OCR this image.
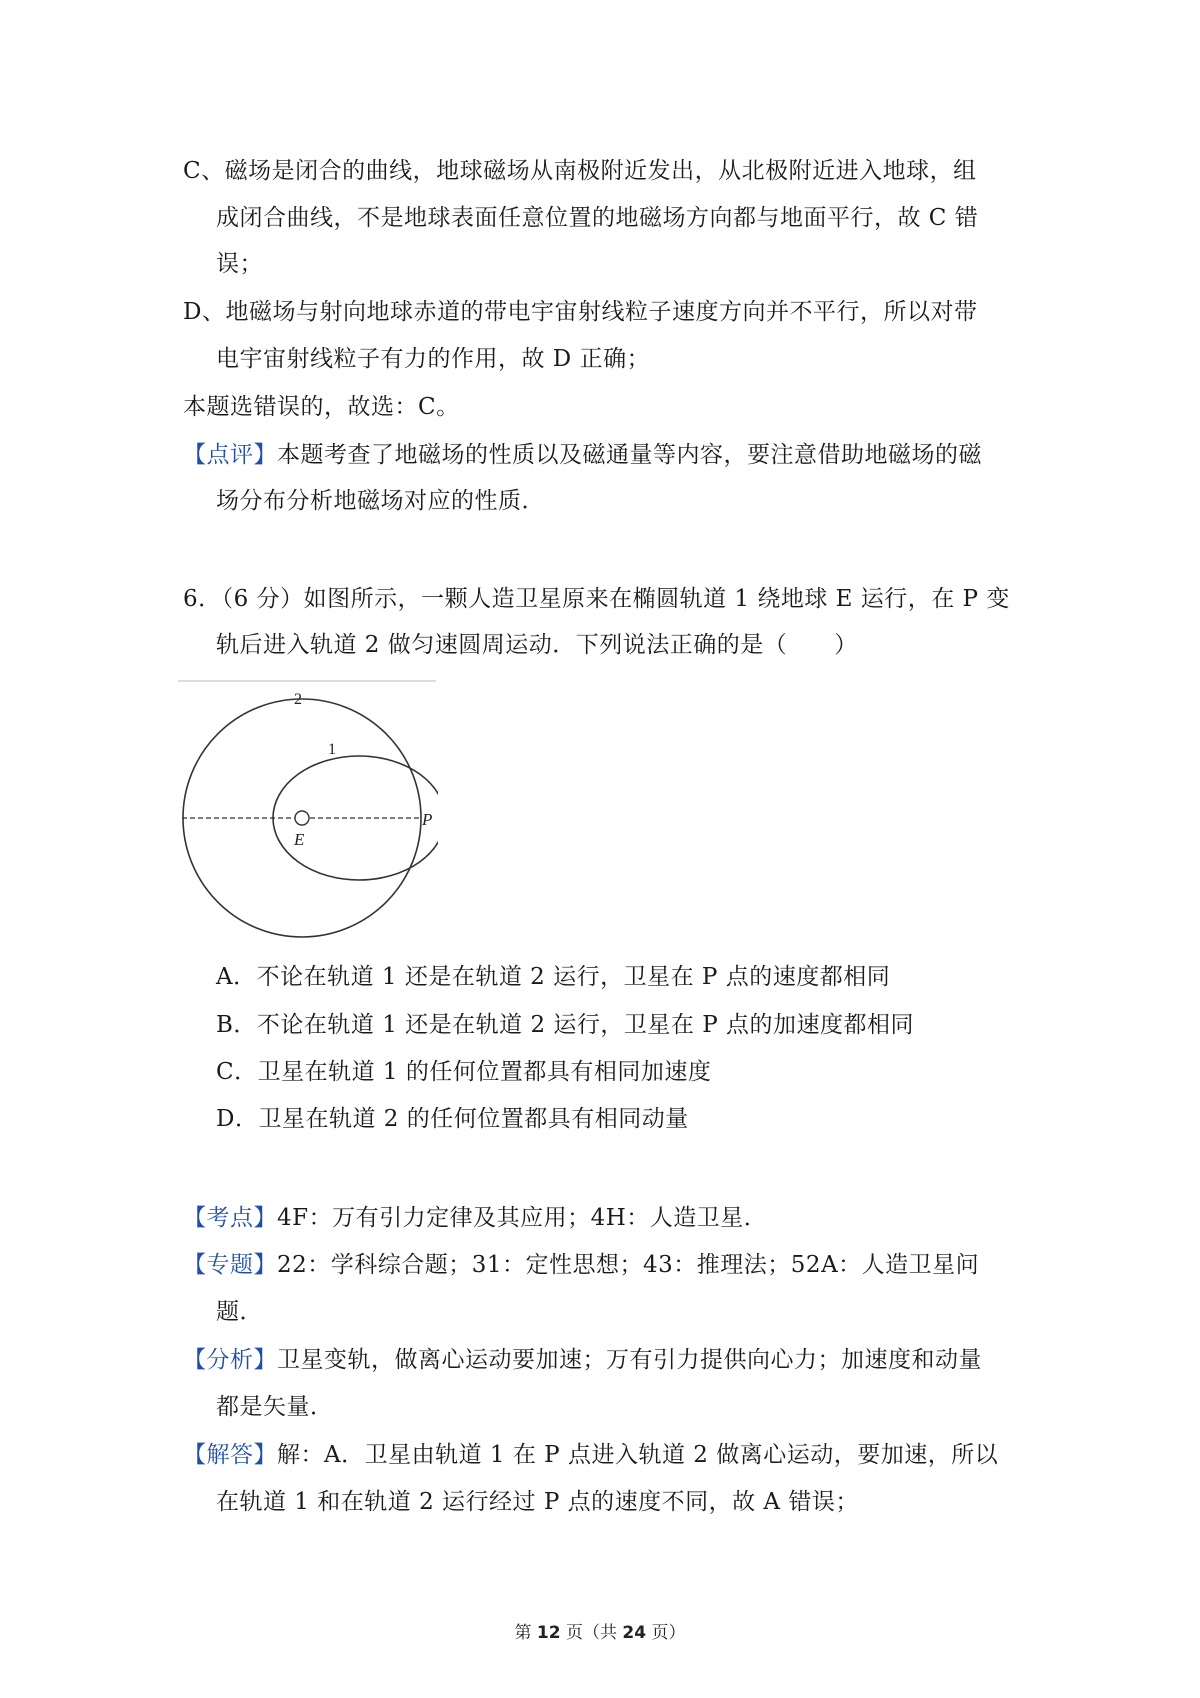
C、磁场是闭合的曲线，地球磁场从南极附近发出，从北极附近进入地球，组
成闭合曲线，不是地球表面任意位置的地磁场方向都与地面平行，故 C 错
误；
D、地磁场与射向地球赤道的带电宇宙射线粒子速度方向并不平行，所以对带
电宇宙射线粒子有力的作用，故 D 正确；
本题选错误的，故选：C。
【点评】本题考查了地磁场的性质以及磁通量等内容，要注意借助地磁场的磁
场分布分析地磁场对应的性质．
6．（6 分）如图所示，一颗人造卫星原来在椭圆轨道 1 绕地球 E 运行，在 P 变
轨后进入轨道 2 做匀速圆周运动．下列说法正确的是（　　）
2
1
E
P
A．不论在轨道 1 还是在轨道 2 运行，卫星在 P 点的速度都相同
B．不论在轨道 1 还是在轨道 2 运行，卫星在 P 点的加速度都相同
C．卫星在轨道 1 的任何位置都具有相同加速度
D．卫星在轨道 2 的任何位置都具有相同动量
【考点】4F：万有引力定律及其应用；4H：人造卫星．
【专题】22：学科综合题；31：定性思想；43：推理法；52A：人造卫星问
题．
【分析】卫星变轨，做离心运动要加速；万有引力提供向心力；加速度和动量
都是矢量．
【解答】解：A．卫星由轨道 1 在 P 点进入轨道 2 做离心运动，要加速，所以
在轨道 1 和在轨道 2 运行经过 P 点的速度不同，故 A 错误；
第 12 页（共 24 页）
